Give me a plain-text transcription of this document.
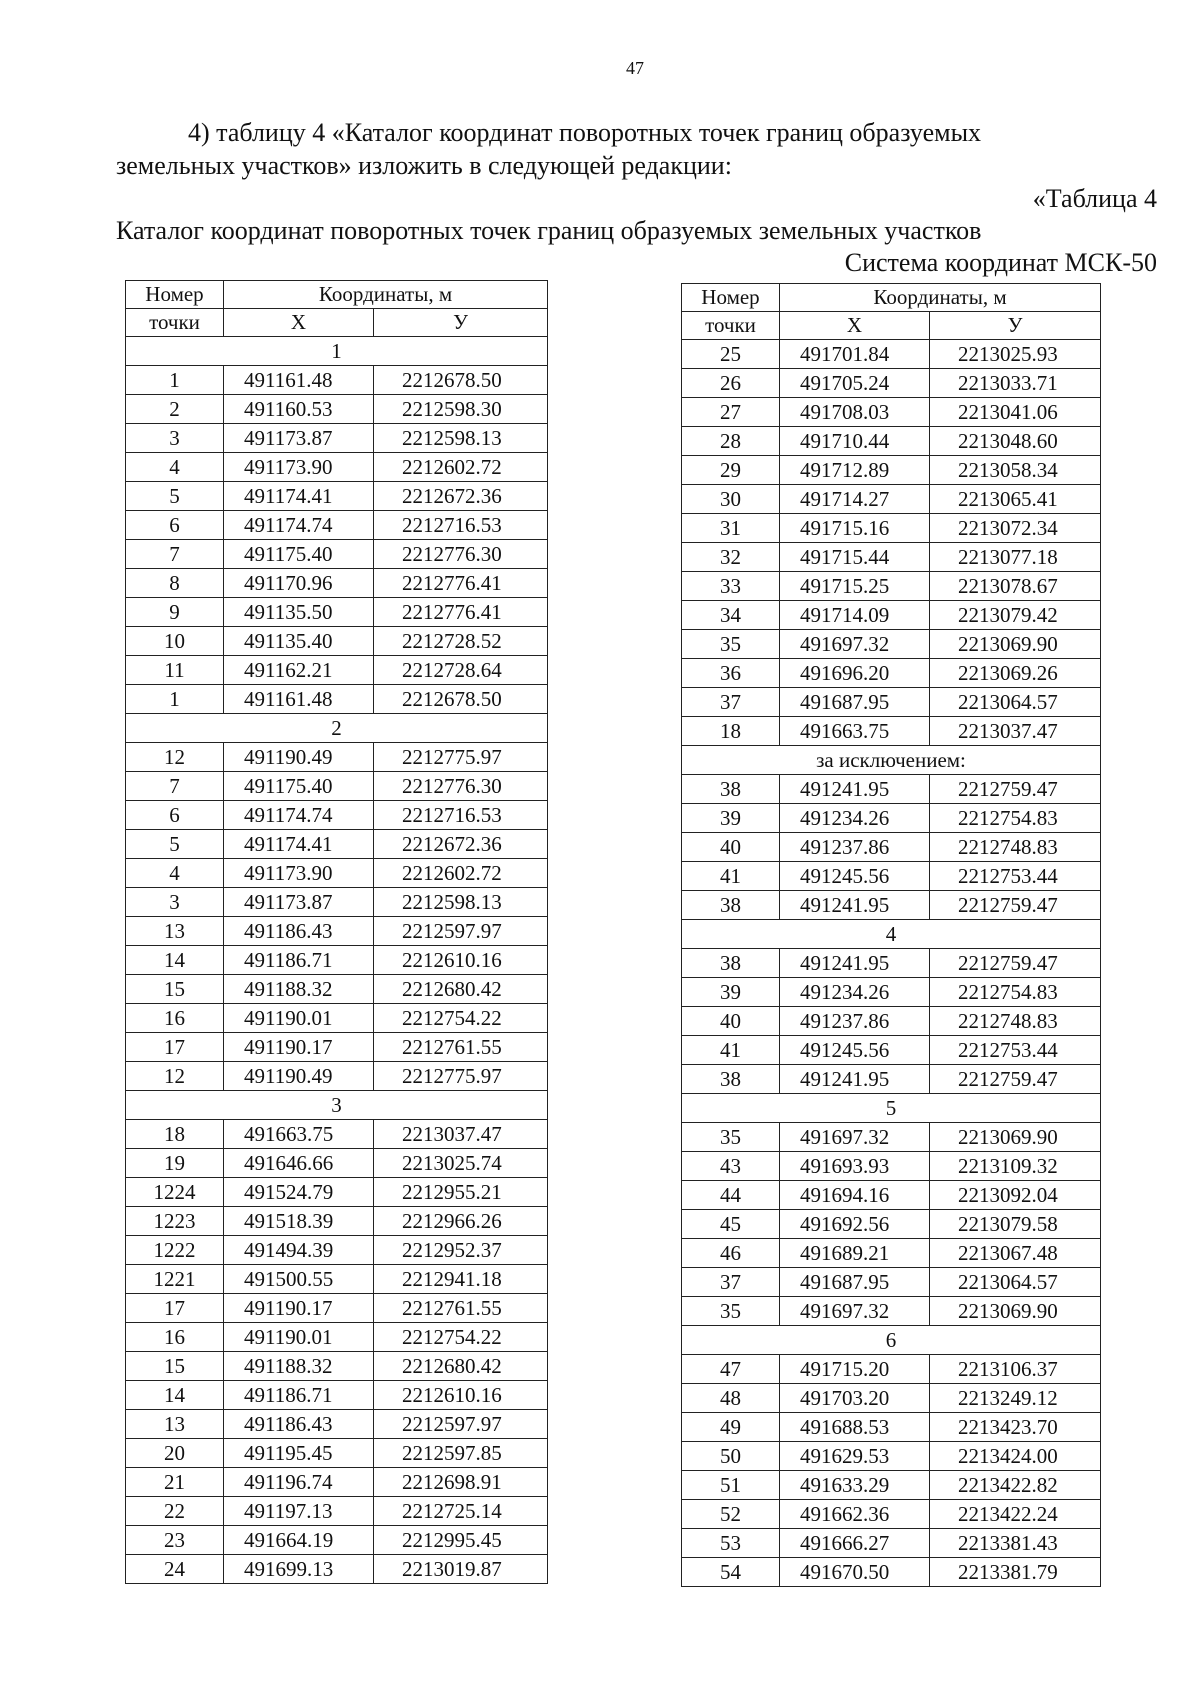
47
4) таблицу 4 «Каталог координат поворотных точек границ образуемых
земельных участков» изложить в следующей редакции:
«Таблица 4
Каталог координат поворотных точек границ образуемых земельных участков
Система координат МСК-50
Номер	Координаты, м	
точки	X	У
1		
1	491161.48	2212678.50
2	491160.53	2212598.30
3	491173.87	2212598.13
4	491173.90	2212602.72
5	491174.41	2212672.36
6	491174.74	2212716.53
7	491175.40	2212776.30
8	491170.96	2212776.41
9	491135.50	2212776.41
10	491135.40	2212728.52
11	491162.21	2212728.64
1	491161.48	2212678.50
2		
12	491190.49	2212775.97
7	491175.40	2212776.30
6	491174.74	2212716.53
5	491174.41	2212672.36
4	491173.90	2212602.72
3	491173.87	2212598.13
13	491186.43	2212597.97
14	491186.71	2212610.16
15	491188.32	2212680.42
16	491190.01	2212754.22
17	491190.17	2212761.55
12	491190.49	2212775.97
3		
18	491663.75	2213037.47
19	491646.66	2213025.74
1224	491524.79	2212955.21
1223	491518.39	2212966.26
1222	491494.39	2212952.37
1221	491500.55	2212941.18
17	491190.17	2212761.55
16	491190.01	2212754.22
15	491188.32	2212680.42
14	491186.71	2212610.16
13	491186.43	2212597.97
20	491195.45	2212597.85
21	491196.74	2212698.91
22	491197.13	2212725.14
23	491664.19	2212995.45
24	491699.13	2213019.87
Номер	Координаты, м	
точки	X	У
25	491701.84	2213025.93
26	491705.24	2213033.71
27	491708.03	2213041.06
28	491710.44	2213048.60
29	491712.89	2213058.34
30	491714.27	2213065.41
31	491715.16	2213072.34
32	491715.44	2213077.18
33	491715.25	2213078.67
34	491714.09	2213079.42
35	491697.32	2213069.90
36	491696.20	2213069.26
37	491687.95	2213064.57
18	491663.75	2213037.47
за исключением:		
38	491241.95	2212759.47
39	491234.26	2212754.83
40	491237.86	2212748.83
41	491245.56	2212753.44
38	491241.95	2212759.47
4		
38	491241.95	2212759.47
39	491234.26	2212754.83
40	491237.86	2212748.83
41	491245.56	2212753.44
38	491241.95	2212759.47
5		
35	491697.32	2213069.90
43	491693.93	2213109.32
44	491694.16	2213092.04
45	491692.56	2213079.58
46	491689.21	2213067.48
37	491687.95	2213064.57
35	491697.32	2213069.90
6		
47	491715.20	2213106.37
48	491703.20	2213249.12
49	491688.53	2213423.70
50	491629.53	2213424.00
51	491633.29	2213422.82
52	491662.36	2213422.24
53	491666.27	2213381.43
54	491670.50	2213381.79
